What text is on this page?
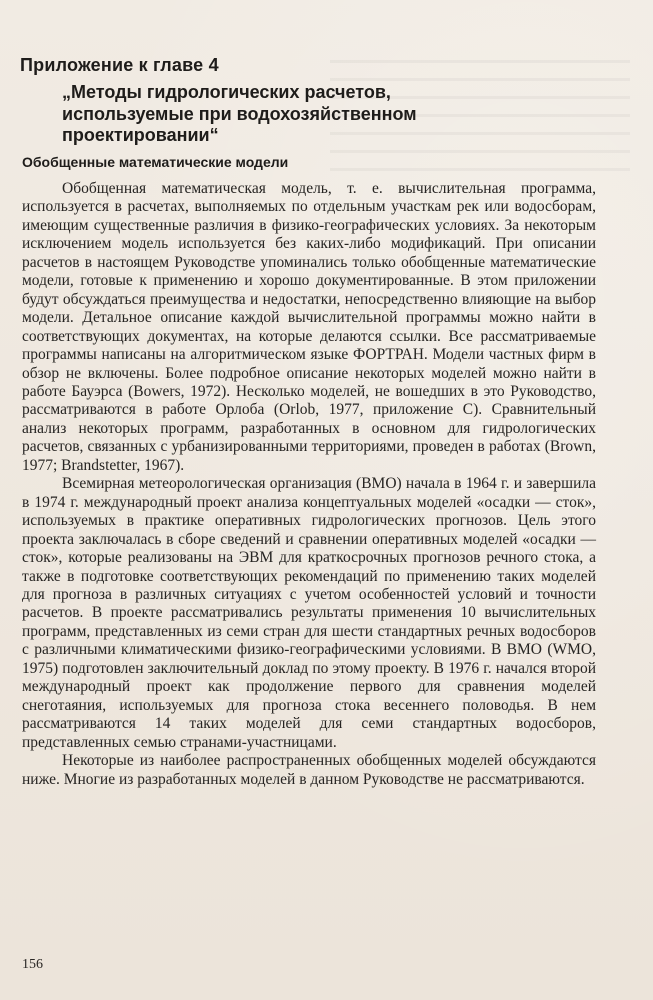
Приложение к главе 4
„Методы гидрологических расчетов, используемые при водохозяйственном проектировании“
Обобщенные математические модели

Обобщенная математическая модель, т. е. вычислительная программа, используется в расчетах, выполняемых по отдельным участкам рек или водосборам, имеющим существенные различия в физико-географических условиях. За некоторым исключением модель используется без каких-либо модификаций. При описании расчетов в настоящем Руководстве упоминались только обобщенные математические модели, готовые к применению и хорошо документированные. В этом приложении будут обсуждаться преимущества и недостатки, непосредственно влияющие на выбор модели. Детальное описание каждой вычислительной программы можно найти в соответствующих документах, на которые делаются ссылки. Все рассматриваемые программы написаны на алгоритмическом языке ФОРТРАН. Модели частных фирм в обзор не включены. Более подробное описание некоторых моделей можно найти в работе Бауэрса (Bowers, 1972). Несколько моделей, не вошедших в это Руководство, рассматриваются в работе Орлоба (Orlob, 1977, приложение С). Сравнительный анализ некоторых программ, разработанных в основном для гидрологических расчетов, связанных с урбанизированными территориями, проведен в работах (Brown, 1977; Brandstetter, 1967).

Всемирная метеорологическая организация (ВМО) начала в 1964 г. и завершила в 1974 г. международный проект анализа концептуальных моделей «осадки — сток», используемых в практике оперативных гидрологических прогнозов. Цель этого проекта заключалась в сборе сведений и сравнении оперативных моделей «осадки — сток», которые реализованы на ЭВМ для краткосрочных прогнозов речного стока, а также в подготовке соответствующих рекомендаций по применению таких моделей для прогноза в различных ситуациях с учетом особенностей условий и точности расчетов. В проекте рассматривались результаты применения 10 вычислительных программ, представленных из семи стран для шести стандартных речных водосборов с различными климатическими физико-географическими условиями. В ВМО (WMO, 1975) подготовлен заключительный доклад по этому проекту. В 1976 г. начался второй международный проект как продолжение первого для сравнения моделей снеготаяния, используемых для прогноза стока весеннего половодья. В нем рассматриваются 14 таких моделей для семи стандартных водосборов, представленных семью странами-участницами.

Некоторые из наиболее распространенных обобщенных моделей обсуждаются ниже. Многие из разработанных моделей в данном Руководстве не рассматриваются.

156
